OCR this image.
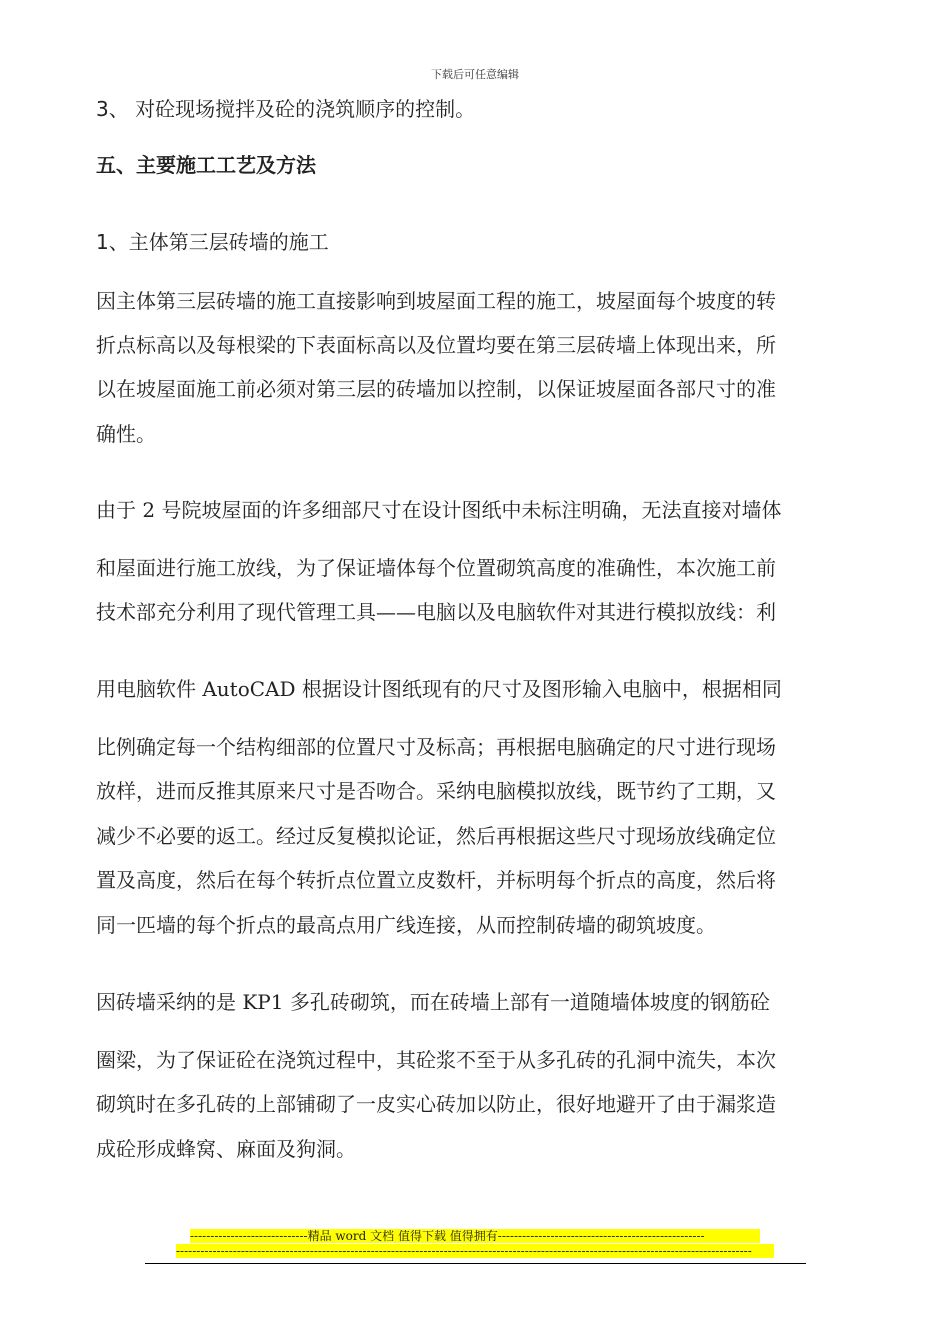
下载后可任意编辑
3、 对砼现场搅拌及砼的浇筑顺序的控制。
五、主要施工工艺及方法
1、主体第三层砖墙的施工
因主体第三层砖墙的施工直接影响到坡屋面工程的施工，坡屋面每个坡度的转
折点标高以及每根梁的下表面标高以及位置均要在第三层砖墙上体现出来，所
以在坡屋面施工前必须对第三层的砖墙加以控制，以保证坡屋面各部尺寸的准
确性。
由于 2 号院坡屋面的许多细部尺寸在设计图纸中未标注明确，无法直接对墙体
和屋面进行施工放线，为了保证墙体每个位置砌筑高度的准确性，本次施工前
技术部充分利用了现代管理工具——电脑以及电脑软件对其进行模拟放线：利
用电脑软件 AutoCAD 根据设计图纸现有的尺寸及图形输入电脑中，根据相同
比例确定每一个结构细部的位置尺寸及标高；再根据电脑确定的尺寸进行现场
放样，进而反推其原来尺寸是否吻合。采纳电脑模拟放线，既节约了工期，又
减少不必要的返工。经过反复模拟论证，然后再根据这些尺寸现场放线确定位
置及高度，然后在每个转折点位置立皮数杆，并标明每个折点的高度，然后将
同一匹墙的每个折点的最高点用广线连接，从而控制砖墙的砌筑坡度。
因砖墙采纳的是 KP1 多孔砖砌筑，而在砖墙上部有一道随墙体坡度的钢筋砼
圈梁，为了保证砼在浇筑过程中，其砼浆不至于从多孔砖的孔洞中流失，本次
砌筑时在多孔砖的上部铺砌了一皮实心砖加以防止，很好地避开了由于漏浆造
成砼形成蜂窝、麻面及狗洞。
-----------------------------精品 word 文档 值得下载 值得拥有---------------------------------------------------
----------------------------------------------------------------------------------------------------------------------------------------------
